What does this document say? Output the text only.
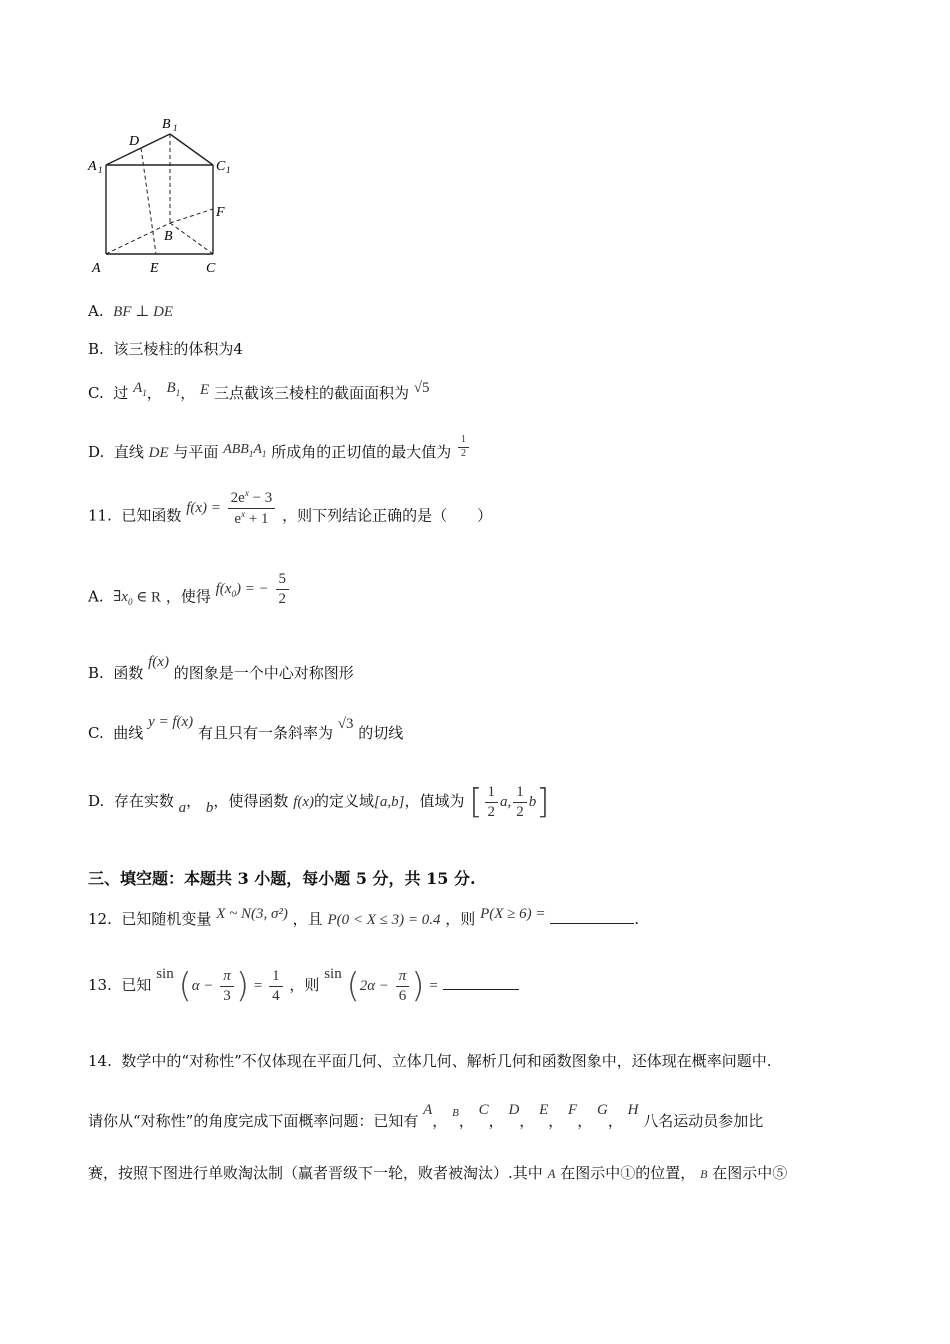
B 1
D
A 1	C 1
F
B
A	E	C
A. BF ⊥ DE
B. 该三棱柱的体积为4
C. 过 $A_1$， $B_1$， E 三点截该三棱柱的截面面积为 √5
D. 直线 DE 与平面 $ABB_1A_1$ 所成角的正切值的最大值为 $\frac{1}{2}$
11. 已知函数 $f(x) = \frac{2e^x - 3}{e^x + 1}$ ，则下列结论正确的是（　　）
A. $\exists x_0$ ∈ R ，使得 $f(x_0)$ = − $\frac{5}{2}$
B. 函数 f(x) 的图象是一个中心对称图形
C. 曲线 y = f(x) 有且只有一条斜率为 √3 的切线
D. 存在实数 a， b，使得函数 f(x)的定义域[a,b]，值域为 [ $\frac{1}{2} a$, $\frac{1}{2} b$]
三、填空题：本题共 3 小题，每小题 5 分，共 15 分.
12. 已知随机变量 X ~ N(3, σ²) ，且 P(0 < X ≤ 3) = 0.4 ，则 P(X ≥ 6) =	.
13. 已知 $\sin (\alpha - \frac{\pi}{3}$ ) = $\frac{1}{4}$ ，则 $\sin (2\alpha - \frac{\pi}{6}$ ) =
14. 数学中的“对称性”不仅体现在平面几何、立体几何、解析几何和函数图象中，还体现在概率问题中.
请你从“对称性”的角度完成下面概率问题：已知有 A， $^B$， C， D， E， F， G， H 八名运动员参加比
赛，按照下图进行单败淘汰制（赢者晋级下一轮，败者被淘汰）.其中 A 在图示中①的位置， B 在图示中⑤
